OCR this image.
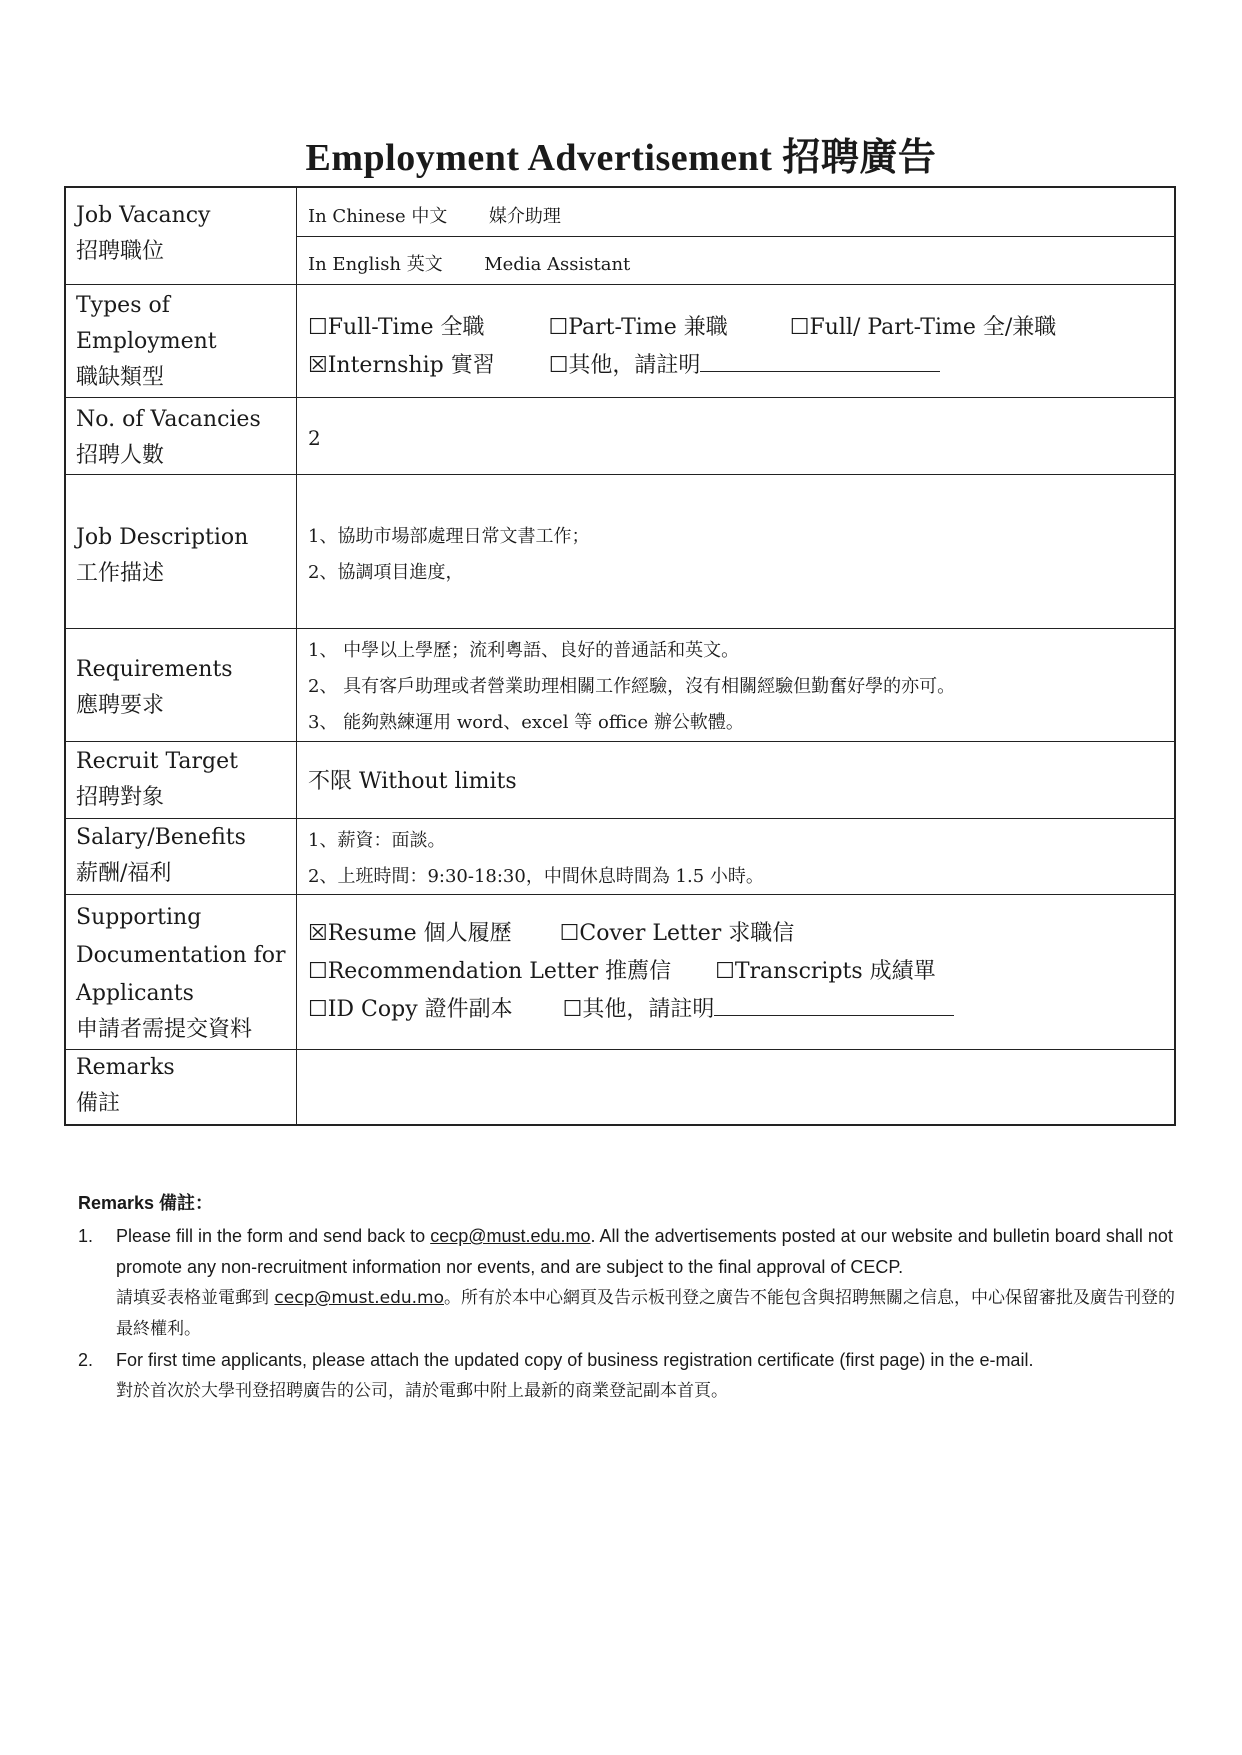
Employment Advertisement 招聘廣告
Job Vacancy
招聘職位
In Chinese 中文 媒介助理
In English 英文 Media Assistant
Types of
Employment
職缺類型
☐Full-Time 全職	☐Part-Time 兼職	☐Full/ Part-Time 全/兼職
☒Internship 實習 ☐其他，請註明
No. of Vacancies
招聘人數
2
Job Description
工作描述
1、協助市場部處理日常文書工作；
2、協調項目進度，
Requirements
應聘要求
1、 中學以上學歷；流利粵語、良好的普通話和英文。
2、 具有客戶助理或者營業助理相關工作經驗，沒有相關經驗但勤奮好學的亦可。
3、 能夠熟練運用 word、excel 等 office 辦公軟體。
Recruit Target
招聘對象
不限 Without limits
Salary/Benefits
薪酬/福利
1、薪資：面談。
2、上班時間：9:30-18:30，中間休息時間為 1.5 小時。
Supporting
Documentation for
Applicants
申請者需提交資料
☒Resume 個人履歷 ☐Cover Letter 求職信
☐Recommendation Letter 推薦信 ☐Transcripts 成績單
☐ID Copy 證件副本 ☐其他，請註明
Remarks
備註
Remarks 備註：
1. Please fill in the form and send back to cecp@must.edu.mo. All the advertisements posted at our website and bulletin board shall not promote any non-recruitment information nor events, and are subject to the final approval of CECP.
請填妥表格並電郵到 cecp@must.edu.mo。所有於本中心網頁及告示板刊登之廣告不能包含與招聘無關之信息，中心保留審批及廣告刊登的最終權利。
2. For first time applicants, please attach the updated copy of business registration certificate (first page) in the e-mail.
對於首次於大學刊登招聘廣告的公司，請於電郵中附上最新的商業登記副本首頁。
